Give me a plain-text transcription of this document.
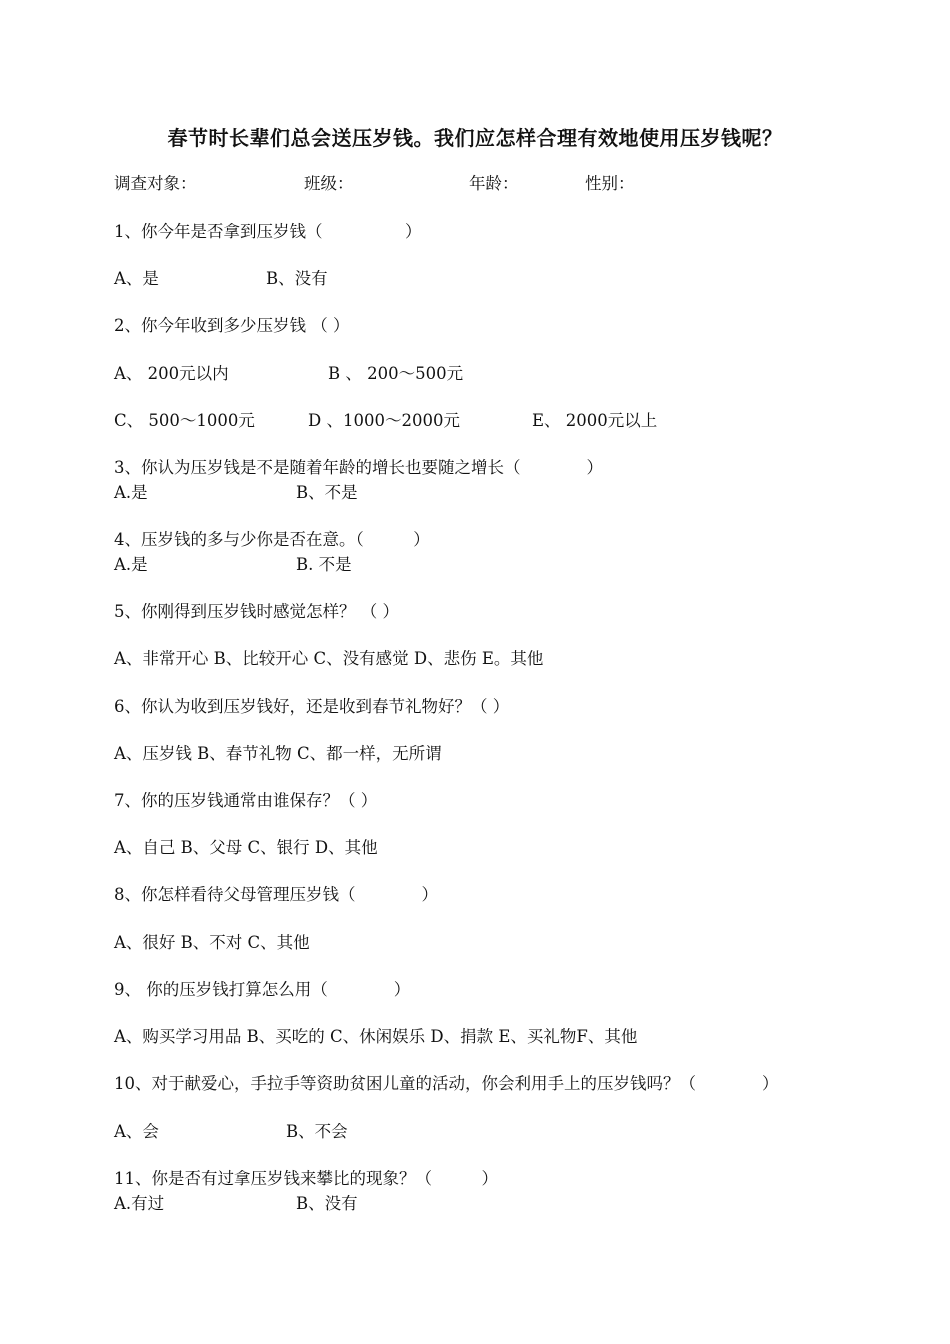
春节时长辈们总会送压岁钱。我们应怎样合理有效地使用压岁钱呢？
调查对象：	班级：	年龄：	性别：
1、你今年是否拿到压岁钱（　　　　　）
A、是	B、没有
2、你今年收到多少压岁钱 （ ）
A、 200元以内	B 、 200～500元
C、 500～1000元	D 、1000～2000元	E、 2000元以上
3、你认为压岁钱是不是随着年龄的增长也要随之增长（　　　　）
A.是	B、不是
4、压岁钱的多与少你是否在意。（　　　）
A.是	B. 不是
5、你刚得到压岁钱时感觉怎样？ （ ）
A、非常开心 B、比较开心 C、没有感觉 D、悲伤 E。其他
6、你认为收到压岁钱好，还是收到春节礼物好？（ ）
A、压岁钱 B、春节礼物 C、都一样，无所谓
7、你的压岁钱通常由谁保存？（ ）
A、自己 B、父母 C、银行 D、其他
8、你怎样看待父母管理压岁钱（　　　　）
A、很好 B、不对 C、其他
9、 你的压岁钱打算怎么用（　　　　）
A、购买学习用品 B、买吃的 C、休闲娱乐 D、捐款 E、买礼物F、其他
10、对于献爱心，手拉手等资助贫困儿童的活动，你会利用手上的压岁钱吗？（　　　　）
A、会	B、不会
11、你是否有过拿压岁钱来攀比的现象？（　　　）
A.有过	B、没有
